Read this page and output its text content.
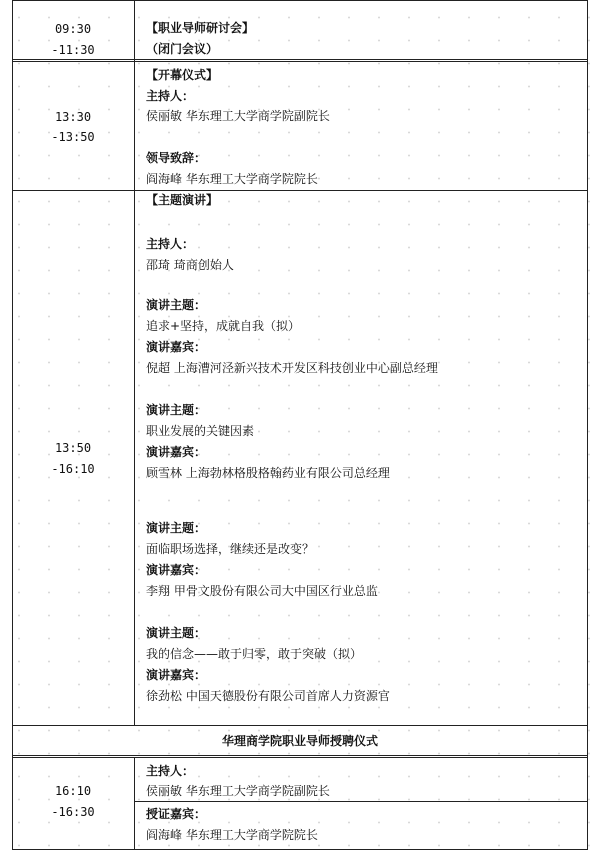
09:30
-11:30
【职业导师研讨会】
（闭门会议）
13:30
-13:50
【开幕仪式】
主持人：
侯丽敏 华东理工大学商学院副院长
领导致辞：
阎海峰 华东理工大学商学院院长
13:50
-16:10
【主题演讲】
主持人：
邵琦 琦商创始人
演讲主题：
追求+坚持，成就自我（拟）
演讲嘉宾：
倪超 上海漕河泾新兴技术开发区科技创业中心副总经理
演讲主题：
职业发展的关键因素
演讲嘉宾：
顾雪林 上海勃林格殷格翰药业有限公司总经理
演讲主题：
面临职场选择，继续还是改变？
演讲嘉宾：
李翔 甲骨文股份有限公司大中国区行业总监
演讲主题：
我的信念——敢于归零，敢于突破（拟）
演讲嘉宾：
徐劲松 中国天德股份有限公司首席人力资源官
华理商学院职业导师授聘仪式
16:10
-16:30
主持人：
侯丽敏 华东理工大学商学院副院长
授证嘉宾：
阎海峰 华东理工大学商学院院长
